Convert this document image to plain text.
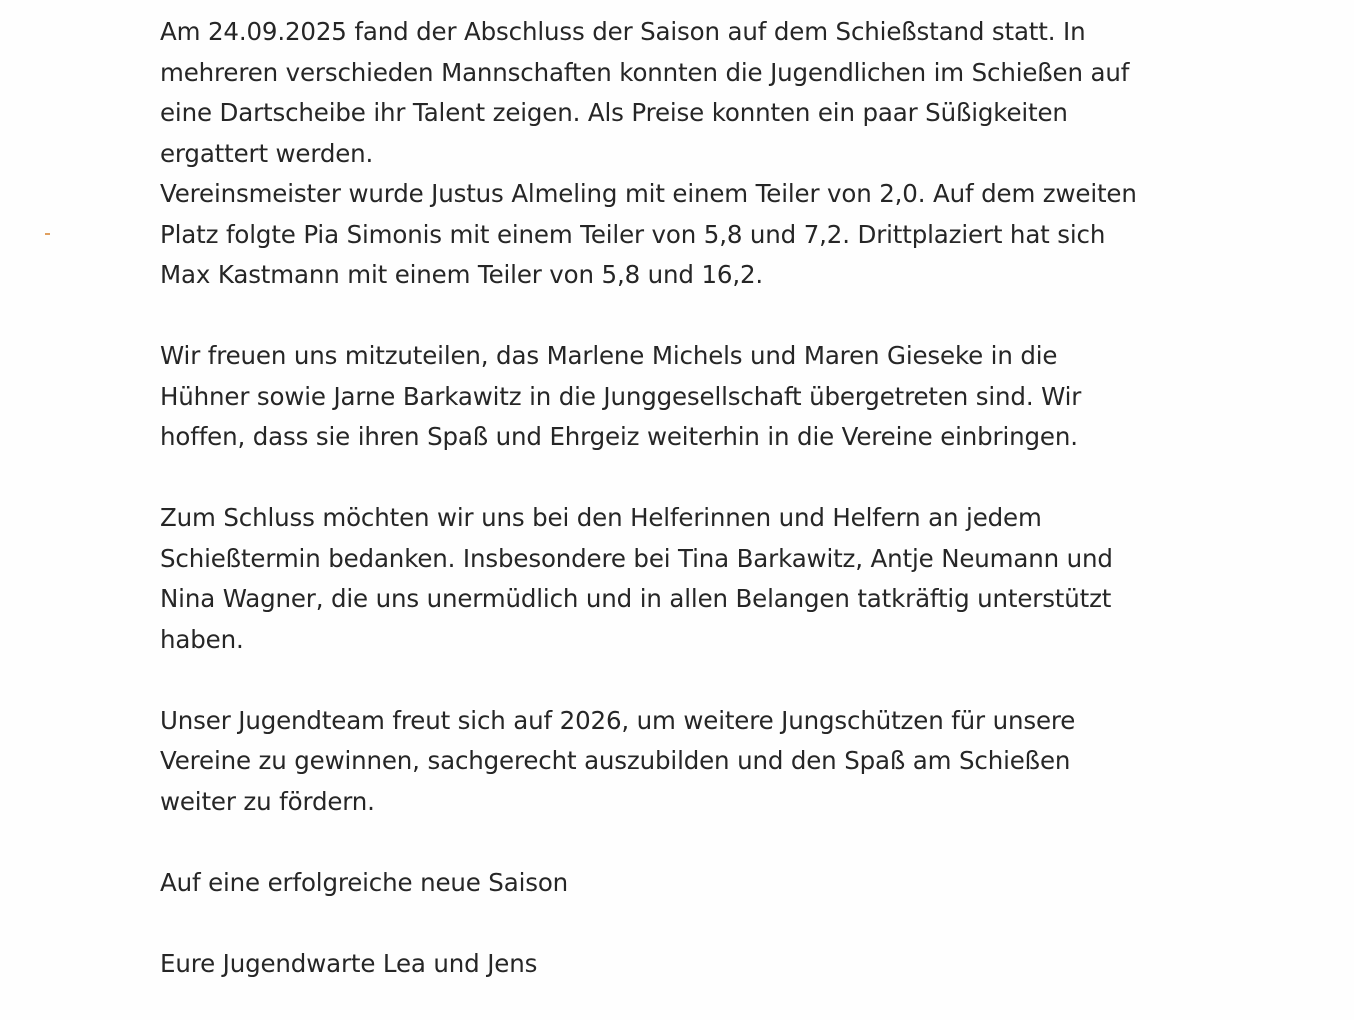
Am 24.09.2025 fand der Abschluss der Saison auf dem Schießstand statt. In
mehreren verschieden Mannschaften konnten die Jugendlichen im Schießen auf
eine Dartscheibe ihr Talent zeigen. Als Preise konnten ein paar Süßigkeiten
ergattert werden.
Vereinsmeister wurde Justus Almeling mit einem Teiler von 2,0. Auf dem zweiten
Platz folgte Pia Simonis mit einem Teiler von 5,8 und 7,2. Drittplaziert hat sich
Max Kastmann mit einem Teiler von 5,8 und 16,2.

Wir freuen uns mitzuteilen, das Marlene Michels und Maren Gieseke in die
Hühner sowie Jarne Barkawitz in die Junggesellschaft übergetreten sind. Wir
hoffen, dass sie ihren Spaß und Ehrgeiz weiterhin in die Vereine einbringen.

Zum Schluss möchten wir uns bei den Helferinnen und Helfern an jedem
Schießtermin bedanken. Insbesondere bei Tina Barkawitz, Antje Neumann und
Nina Wagner, die uns unermüdlich und in allen Belangen tatkräftig unterstützt
haben.

Unser Jugendteam freut sich auf 2026, um weitere Jungschützen für unsere
Vereine zu gewinnen, sachgerecht auszubilden und den Spaß am Schießen
weiter zu fördern.

Auf eine erfolgreiche neue Saison

Eure Jugendwarte Lea und Jens
